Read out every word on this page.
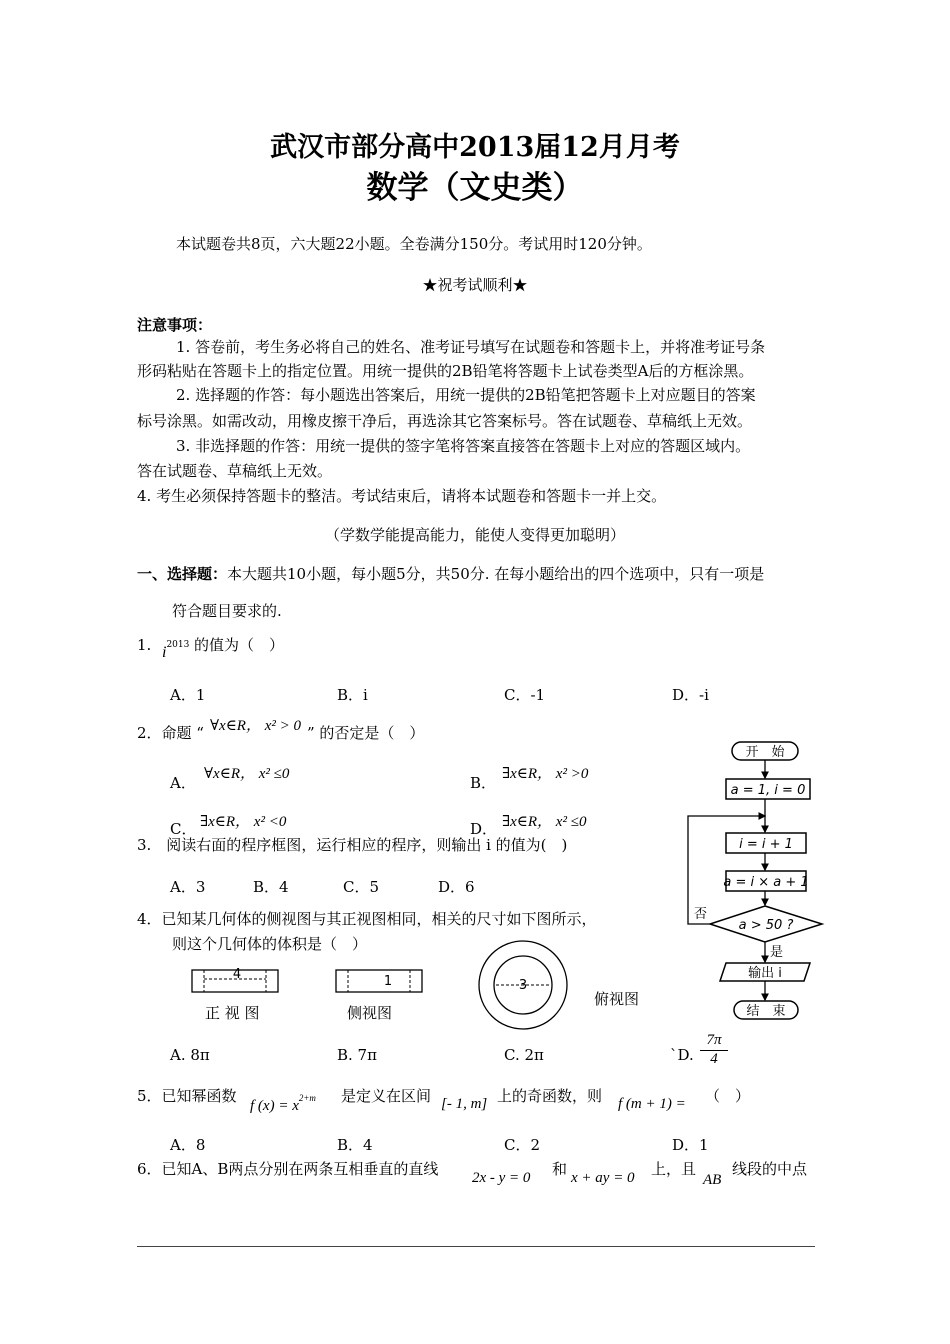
武汉市部分高中2013届12月月考
数学（文史类）
本试题卷共8页，六大题22小题。全卷满分150分。考试用时120分钟。
★祝考试顺利★
注意事项：
1. 答卷前，考生务必将自己的姓名、准考证号填写在试题卷和答题卡上，并将准考证号条
形码粘贴在答题卡上的指定位置。用统一提供的2B铅笔将答题卡上试卷类型A后的方框涂黑。
2. 选择题的作答：每小题选出答案后，用统一提供的2B铅笔把答题卡上对应题目的答案
标号涂黑。如需改动，用橡皮擦干净后，再选涂其它答案标号。答在试题卷、草稿纸上无效。
3. 非选择题的作答：用统一提供的签字笔将答案直接答在答题卡上对应的答题区域内。
答在试题卷、草稿纸上无效。
4. 考生必须保持答题卡的整洁。考试结束后，请将本试题卷和答题卡一并上交。
（学数学能提高能力，能使人变得更加聪明）
一、选择题：本大题共10小题，每小题5分，共50分. 在每小题给出的四个选项中，只有一项是
符合题目要求的.
1. $i^{2013}$ 的值为（　）
A．1	B．i	C．-1	D．-i
2．命题 “ ∀x∈R， x² > 0 ” 的否定是（　）
A． ∀x∈R， x² ≤0	B． ∃x∈R， x² >0
C． ∃x∈R， x² <0	D． ∃x∈R， x² ≤0
3.　阅读右面的程序框图，运行相应的程序，则输出 i 的值为(　)
A．3	B．4	C．5	D．6
开　始
a = 1, i = 0
i = i + 1
a = i × a + 1
a > 50 ?
否
是
输出 i
结　束
4．已知某几何体的侧视图与其正视图相同，相关的尺寸如下图所示，
则这个几何体的体积是（　）
4
正 视 图
1
侧视图
3
俯视图
A. 8π	B. 7π	C. 2π	`D. $\frac{7\pi}{4}$
5．已知幂函数
f $(x) = x^{2+m}$ 是定义在区间 [- 1, m] 上的奇函数，则 f (m + 1) = （　）
A．8	B．4	C．2	D．1
6．已知A、B两点分别在两条互相垂直的直线 2x - y = 0 和 x + ay = 0 上，且
AB
线段的中点
